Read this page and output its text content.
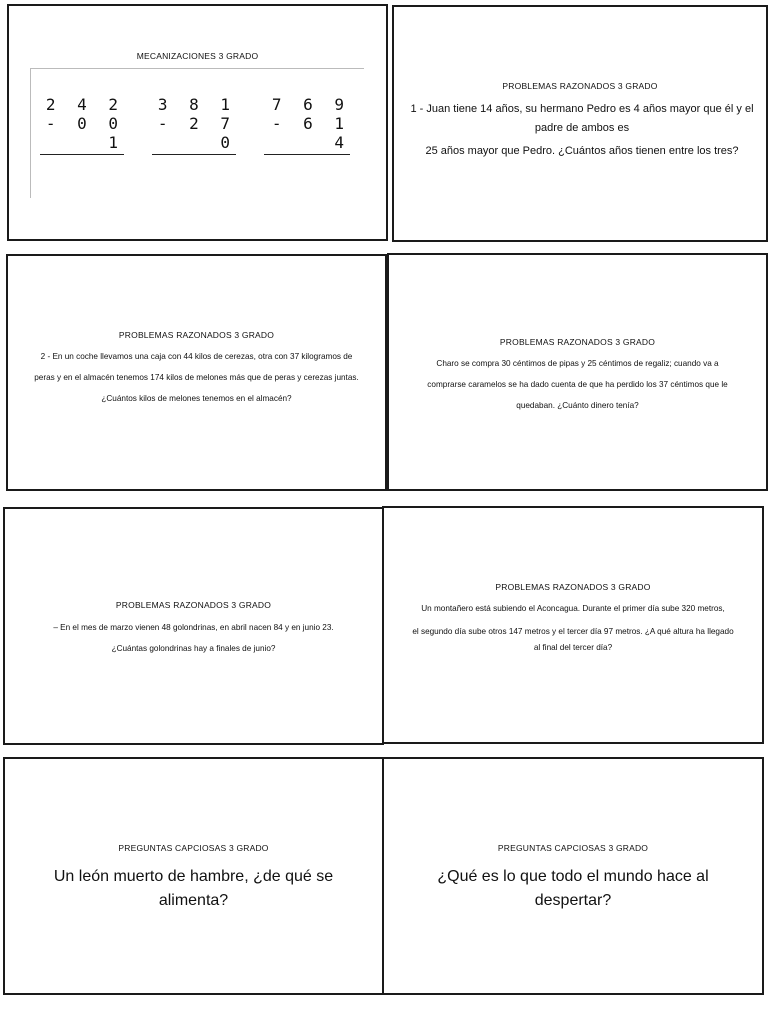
MECANIZACIONES 3 GRADO
2 4 2
- 0 0 1
3 8 1
- 2 7 0
7 6 9
- 6 1 4
PROBLEMAS RAZONADOS 3 GRADO

1 - Juan tiene 14 años, su hermano Pedro es 4 años mayor que él y el padre de ambos es

25 años mayor que Pedro. ¿Cuántos años tienen entre los tres?

PROBLEMAS RAZONADOS 3 GRADO

2 - En un coche llevamos una caja con 44 kilos de cerezas, otra con 37 kilogramos de

peras y en el almacén tenemos 174 kilos de melones más que de peras y cerezas juntas.

¿Cuántos kilos de melones tenemos en el almacén?

PROBLEMAS RAZONADOS 3 GRADO

Charo se compra 30 céntimos de pipas y 25 céntimos de regaliz; cuando va a

comprarse caramelos se ha dado cuenta de que ha perdido los 37 céntimos que le

quedaban. ¿Cuánto dinero tenía?

PROBLEMAS RAZONADOS 3 GRADO

– En el mes de marzo vienen 48 golondrinas, en abril nacen 84 y en junio 23.

¿Cuántas golondrinas hay a finales de junio?

PROBLEMAS RAZONADOS 3 GRADO

Un montañero está subiendo el Aconcagua. Durante el primer día sube 320 metros,

el segundo día sube otros 147 metros y el tercer día 97 metros. ¿A qué altura ha llegado

al final del tercer día?

PREGUNTAS CAPCIOSAS 3 GRADO
Un león muerto de hambre, ¿de qué se alimenta?
PREGUNTAS CAPCIOSAS 3 GRADO
¿Qué es lo que todo el mundo hace al despertar?
